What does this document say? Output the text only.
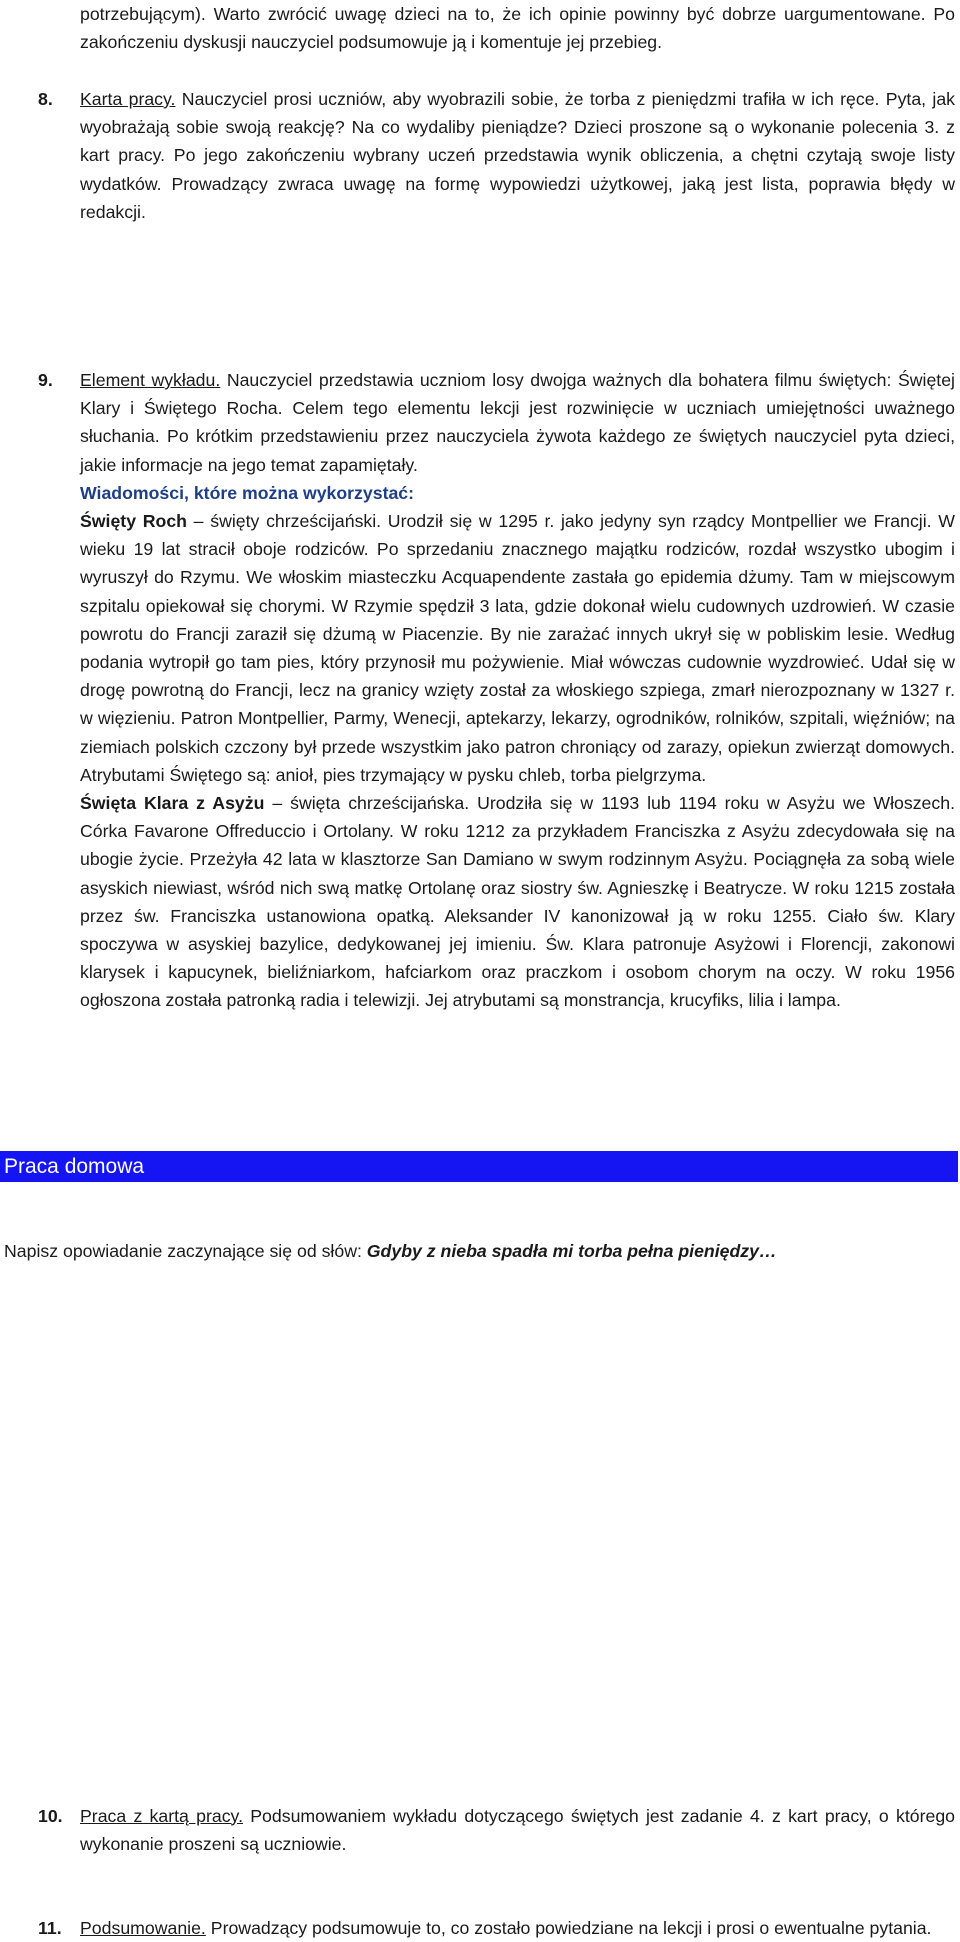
potrzebującym). Warto zwrócić uwagę dzieci na to, że ich opinie powinny być dobrze uargumentowane. Po zakończeniu dyskusji nauczyciel podsumowuje ją i komentuje jej przebieg.

8.	Karta pracy. Nauczyciel prosi uczniów, aby wyobrazili sobie, że torba z pieniędzmi trafiła w ich ręce. Pyta, jak wyobrażają sobie swoją reakcję? Na co wydaliby pieniądze? Dzieci proszone są o wykonanie polecenia 3. z kart pracy. Po jego zakończeniu wybrany uczeń przedstawia wynik obliczenia, a chętni czytają swoje listy wydatków. Prowadzący zwraca uwagę na formę wypowiedzi użytkowej, jaką jest lista, poprawia błędy w redakcji.
9.	Element wykładu. Nauczyciel przedstawia uczniom losy dwojga ważnych dla bohatera filmu świętych: Świętej Klary i Świętego Rocha. Celem tego elementu lekcji jest rozwinięcie w uczniach umiejętności uważnego słuchania. Po krótkim przedstawieniu przez nauczyciela żywota każdego ze świętych nauczyciel pyta dzieci, jakie informacje na jego temat zapamiętały.
Wiadomości, które można wykorzystać:
Święty Roch – święty chrześcijański. Urodził się w 1295 r. jako jedyny syn rządcy Montpellier we Francji. W wieku 19 lat stracił oboje rodziców. Po sprzedaniu znacznego majątku rodziców, rozdał wszystko ubogim i wyruszył do Rzymu. We włoskim miasteczku Acquapendente zastała go epidemia dżumy. Tam w miejscowym szpitalu opiekował się chorymi. W Rzymie spędził 3 lata, gdzie dokonał wielu cudownych uzdrowień. W czasie powrotu do Francji zaraził się dżumą w Piacenzie. By nie zarażać innych ukrył się w pobliskim lesie. Według podania wytropił go tam pies, który przynosił mu pożywienie. Miał wówczas cudownie wyzdrowieć. Udał się w drogę powrotną do Francji, lecz na granicy wzięty został za włoskiego szpiega, zmarł nierozpoznany w 1327 r. w więzieniu. Patron Montpellier, Parmy, Wenecji, aptekarzy, lekarzy, ogrodników, rolników, szpitali, więźniów; na ziemiach polskich czczony był przede wszystkim jako patron chroniący od zarazy, opiekun zwierząt domowych. Atrybutami Świętego są: anioł, pies trzymający w pysku chleb, torba pielgrzyma.
Święta Klara z Asyżu – święta chrześcijańska. Urodziła się w 1193 lub 1194 roku w Asyżu we Włoszech. Córka Favarone Offreduccio i Ortolany. W roku 1212 za przykładem Franciszka z Asyżu zdecydowała się na ubogie życie. Przeżyła 42 lata w klasztorze San Damiano w swym rodzinnym Asyżu. Pociągnęła za sobą wiele asyskich niewiast, wśród nich swą matkę Ortolanę oraz siostry św. Agnieszkę i Beatrycze. W roku 1215 została przez św. Franciszka ustanowiona opatką. Aleksander IV kanonizował ją w roku 1255. Ciało św. Klary spoczywa w asyskiej bazylice, dedykowanej jej imieniu. Św. Klara patronuje Asyżowi i Florencji, zakonowi klarysek i kapucynek, bieliźniarkom, hafciarkom oraz praczkom i osobom chorym na oczy. W roku 1956 ogłoszona została patronką radia i telewizji. Jej atrybutami są monstrancja, krucyfiks, lilia i lampa.
10. Praca z kartą pracy. Podsumowaniem wykładu dotyczącego świętych jest zadanie 4. z kart pracy, o którego wykonanie proszeni są uczniowie.
11.	Podsumowanie. Prowadzący podsumowuje to, co zostało powiedziane na lekcji i prosi o ewentualne pytania.
Praca domowa
Napisz opowiadanie zaczynające się od słów: Gdyby z nieba spadła mi torba pełna pieniędzy…
